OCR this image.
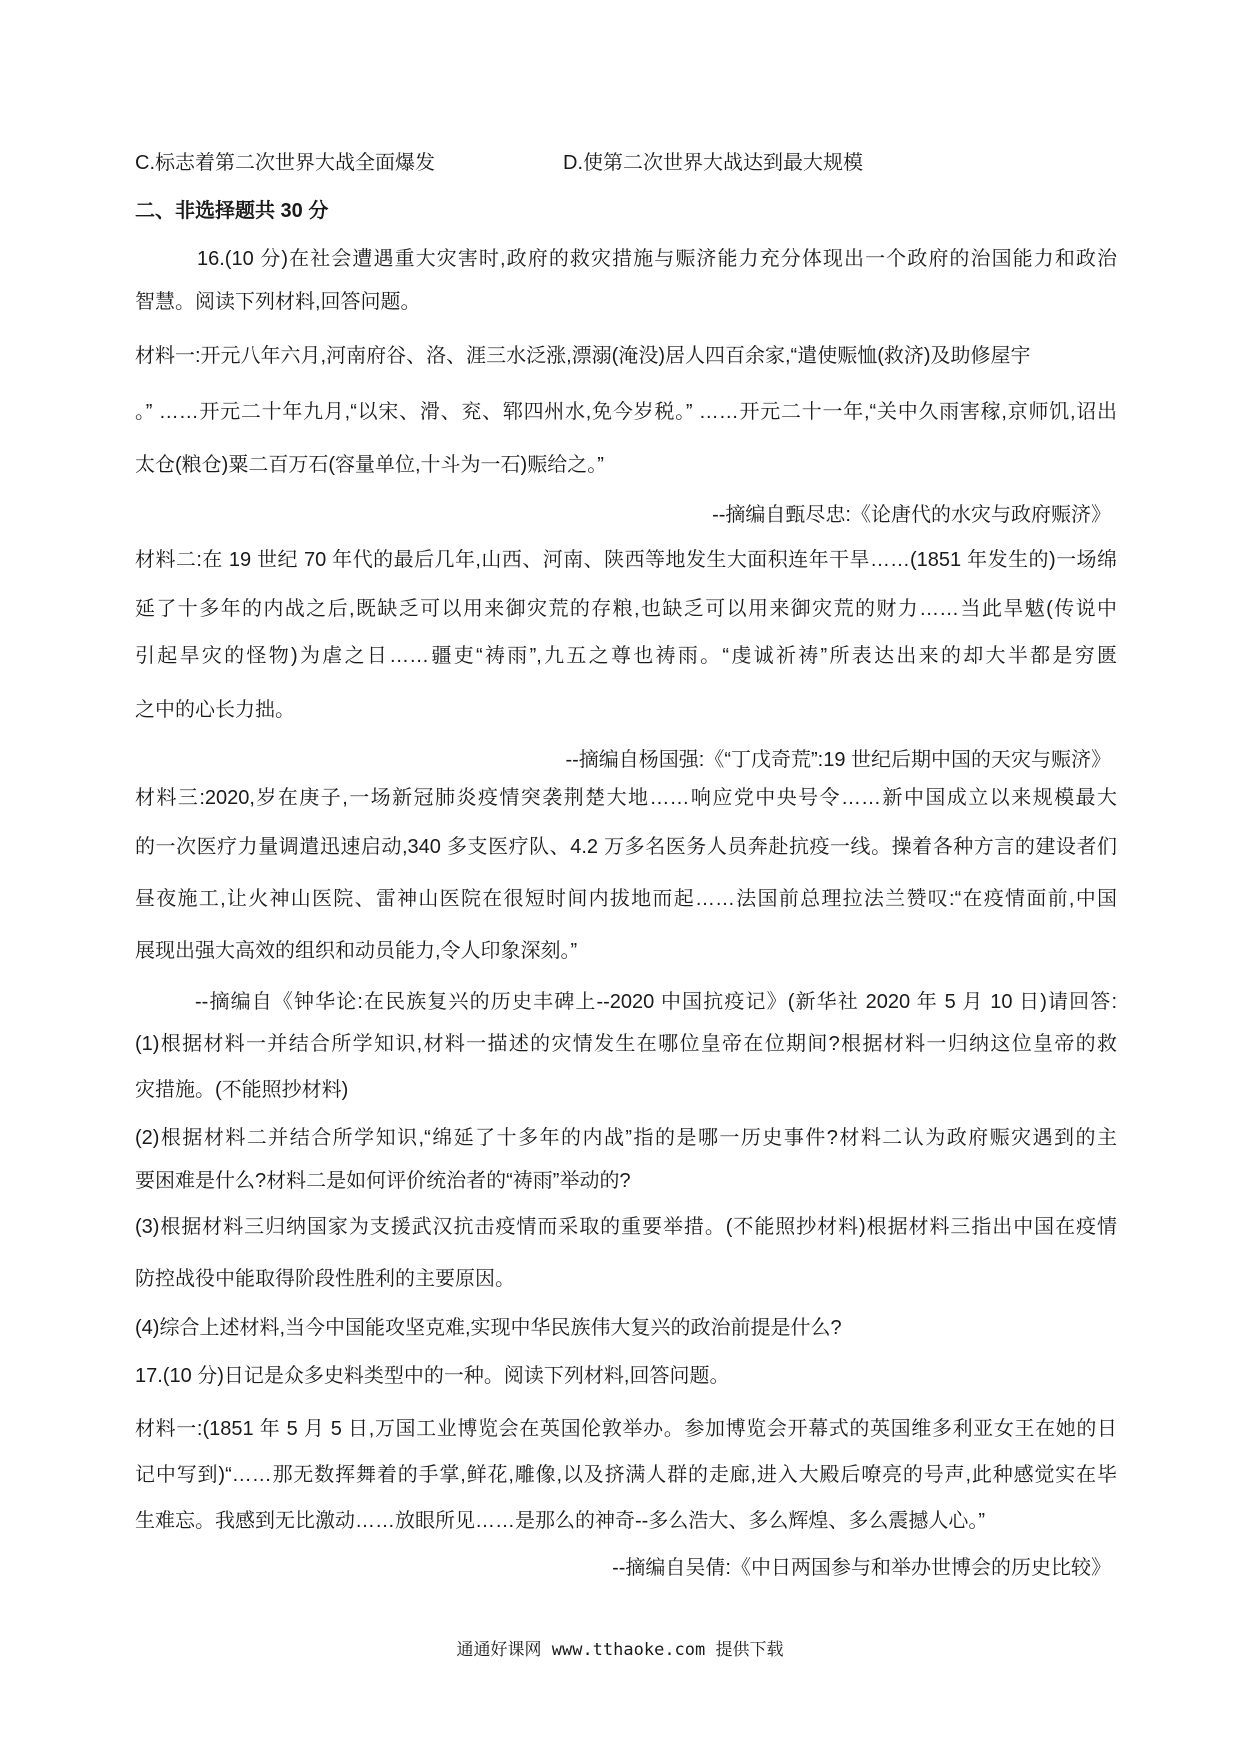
C.标志着第二次世界大战全面爆发	D.使第二次世界大战达到最大规模
二、非选择题共 30 分
16.(10 分)在社会遭遇重大灾害时,政府的救灾措施与赈济能力充分体现出一个政府的治国能力和政治
智慧。阅读下列材料,回答问题。
材料一:开元八年六月,河南府谷、洛、涯三水泛涨,漂溺(淹没)居人四百余家,“遣使赈恤(救济)及助修屋宇
。” ……开元二十年九月,“以宋、滑、兖、郓四州水,免今岁税。” ……开元二十一年,“关中久雨害稼,京师饥,诏出
太仓(粮仓)粟二百万石(容量单位,十斗为一石)赈给之。”
--摘编自甄尽忠:《论唐代的水灾与政府赈济》
材料二:在 19 世纪 70 年代的最后几年,山西、河南、陕西等地发生大面积连年干旱……(1851 年发生的)一场绵
延了十多年的内战之后,既缺乏可以用来御灾荒的存粮,也缺乏可以用来御灾荒的财力……当此旱魃(传说中
引起旱灾的怪物)为虐之日……疆吏“祷雨”,九五之尊也祷雨。“虔诚祈祷”所表达出来的却大半都是穷匮
之中的心长力拙。
--摘编自杨国强:《“丁戊奇荒”:19 世纪后期中国的天灾与赈济》
材料三:2020,岁在庚子,一场新冠肺炎疫情突袭荆楚大地……响应党中央号令……新中国成立以来规模最大
的一次医疗力量调遣迅速启动,340 多支医疗队、4.2 万多名医务人员奔赴抗疫一线。操着各种方言的建设者们
昼夜施工,让火神山医院、雷神山医院在很短时间内拔地而起……法国前总理拉法兰赞叹:“在疫情面前,中国
展现出强大高效的组织和动员能力,令人印象深刻。”
--摘编自《钟华论:在民族复兴的历史丰碑上--2020 中国抗疫记》(新华社 2020 年 5 月 10 日)请回答:
(1)根据材料一并结合所学知识,材料一描述的灾情发生在哪位皇帝在位期间?根据材料一归纳这位皇帝的救
灾措施。(不能照抄材料)
(2)根据材料二并结合所学知识,“绵延了十多年的内战”指的是哪一历史事件?材料二认为政府赈灾遇到的主
要困难是什么?材料二是如何评价统治者的“祷雨”举动的?
(3)根据材料三归纳国家为支援武汉抗击疫情而采取的重要举措。(不能照抄材料)根据材料三指出中国在疫情
防控战役中能取得阶段性胜利的主要原因。
(4)综合上述材料,当今中国能攻坚克难,实现中华民族伟大复兴的政治前提是什么?
17.(10 分)日记是众多史料类型中的一种。阅读下列材料,回答问题。
材料一:(1851 年 5 月 5 日,万国工业博览会在英国伦敦举办。参加博览会开幕式的英国维多利亚女王在她的日
记中写到)“……那无数挥舞着的手掌,鲜花,雕像,以及挤满人群的走廊,进入大殿后嘹亮的号声,此种感觉实在毕
生难忘。我感到无比激动……放眼所见……是那么的神奇--多么浩大、多么辉煌、多么震撼人心。”
--摘编自吴倩:《中日两国参与和举办世博会的历史比较》
通通好课网 www.tthaoke.com 提供下载
